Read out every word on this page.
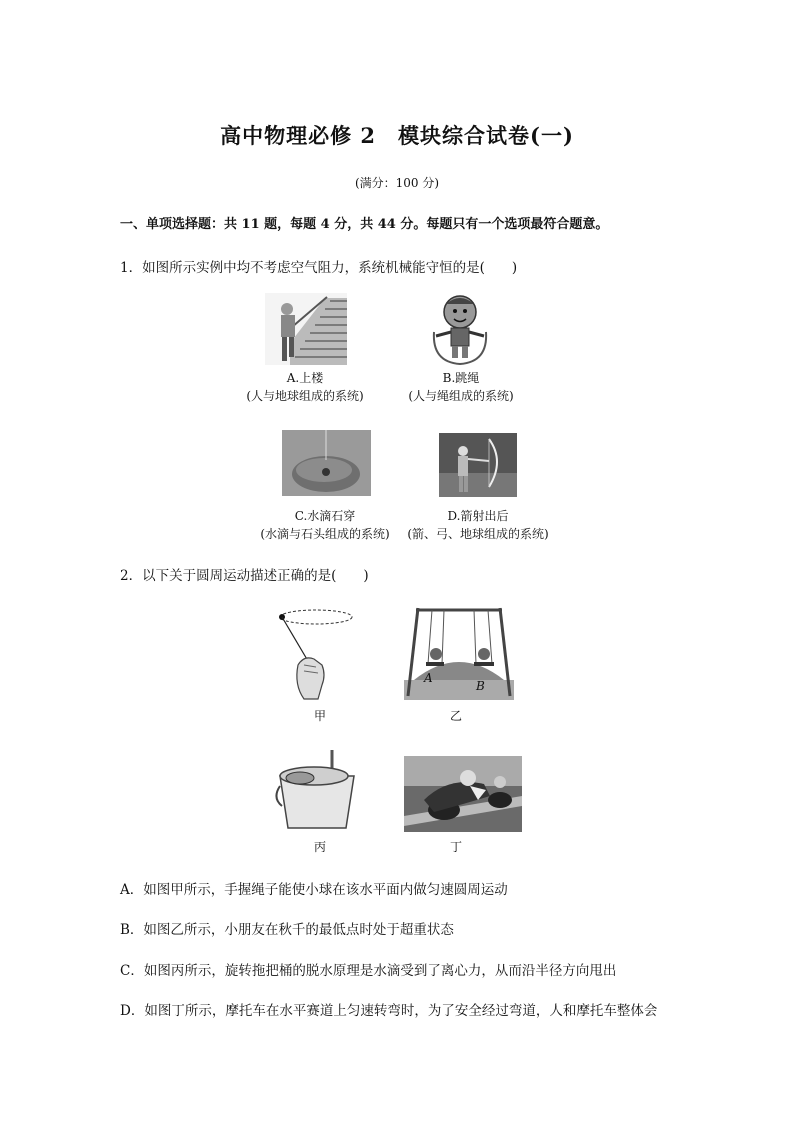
高中物理必修 2　模块综合试卷(一)
(满分：100 分)
一、单项选择题：共 11 题，每题 4 分，共 44 分。每题只有一个选项最符合题意。
1．如图所示实例中均不考虑空气阻力，系统机械能守恒的是(　　)
A.上楼
(人与地球组成的系统)
B.跳绳
(人与绳组成的系统)
C.水滴石穿
(水滴与石头组成的系统)
D.箭射出后
(箭、弓、地球组成的系统)
2．以下关于圆周运动描述正确的是(　　)
甲
A
B
乙
丙	丁
A．如图甲所示，手握绳子能使小球在该水平面内做匀速圆周运动
B．如图乙所示，小朋友在秋千的最低点时处于超重状态
C．如图丙所示，旋转拖把桶的脱水原理是水滴受到了离心力，从而沿半径方向甩出
D．如图丁所示，摩托车在水平赛道上匀速转弯时，为了安全经过弯道，人和摩托车整体会
